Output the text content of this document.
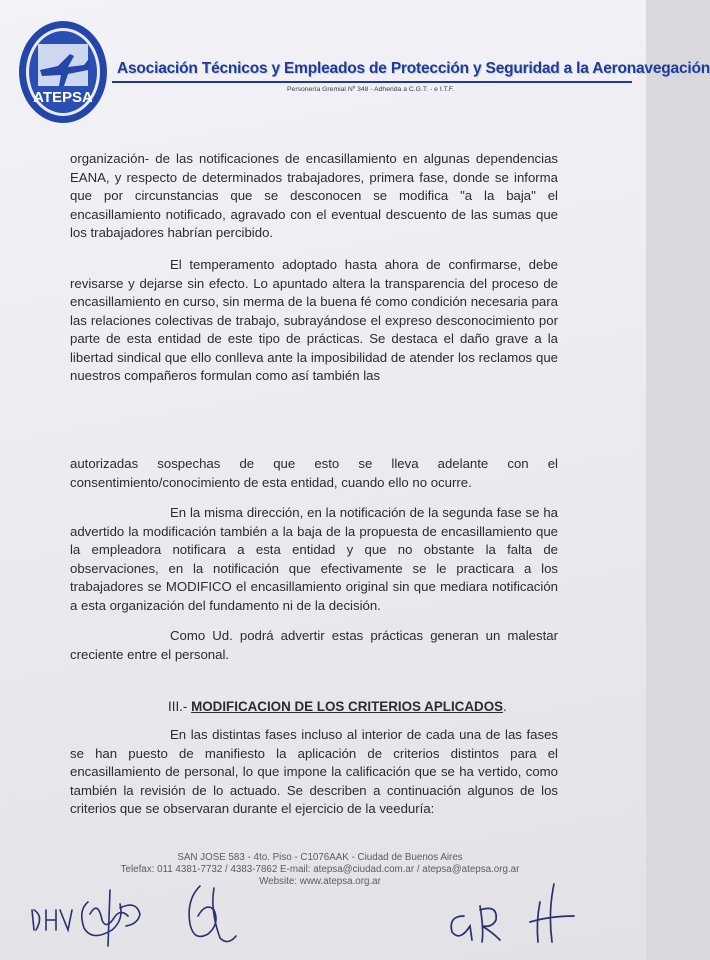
ATEPSA
Asociación Técnicos y Empleados de Protección y Seguridad a la Aeronavegación
Personería Gremial Nº 348 - Adherida a C.G.T. - e I.T.F.
organización- de las notificaciones de encasillamiento en algunas dependencias EANA, y respecto de determinados trabajadores, primera fase, donde se informa que por circunstancias que se desconocen se modifica "a la baja" el encasillamiento notificado, agravado con el eventual descuento de las sumas que los trabajadores habrían percibido.
El temperamento adoptado hasta ahora de confirmarse, debe revisarse y dejarse sin efecto. Lo apuntado altera la transparencia del proceso de encasillamiento en curso, sin merma de la buena fé como condición necesaria para las relaciones colectivas de trabajo, subrayándose el expreso desconocimiento por parte de esta entidad de este tipo de prácticas. Se destaca el daño grave a la libertad sindical que ello conlleva ante la imposibilidad de atender los reclamos que nuestros compañeros formulan como así también las
autorizadas sospechas de que esto se lleva adelante con el consentimiento/conocimiento de esta entidad, cuando ello no ocurre.
En la misma dirección, en la notificación de la segunda fase se ha advertido la modificación también a la baja de la propuesta de encasillamiento que la empleadora notificara a esta entidad y que no obstante la falta de observaciones, en la notificación que efectivamente se le practicara a los trabajadores se MODIFICO el encasillamiento original sin que mediara notificación a esta organización del fundamento ni de la decisión.
Como Ud. podrá advertir estas prácticas generan un malestar creciente entre el personal.
III.- MODIFICACION DE LOS CRITERIOS APLICADOS.
En las distintas fases incluso al interior de cada una de las fases se han puesto de manifiesto la aplicación de criterios distintos para el encasillamiento de personal, lo que impone la calificación que se ha vertido, como también la revisión de lo actuado. Se describen a continuación algunos de los criterios que se observaran durante el ejercicio de la veeduría:
SAN JOSE 583 - 4to. Piso - C1076AAK - Ciudad de Buenos Aires
Telefax: 011 4381-7732 / 4383-7862 E-mail: atepsa@ciudad.com.ar / atepsa@atepsa.org.ar
Website: www.atepsa.org.ar
